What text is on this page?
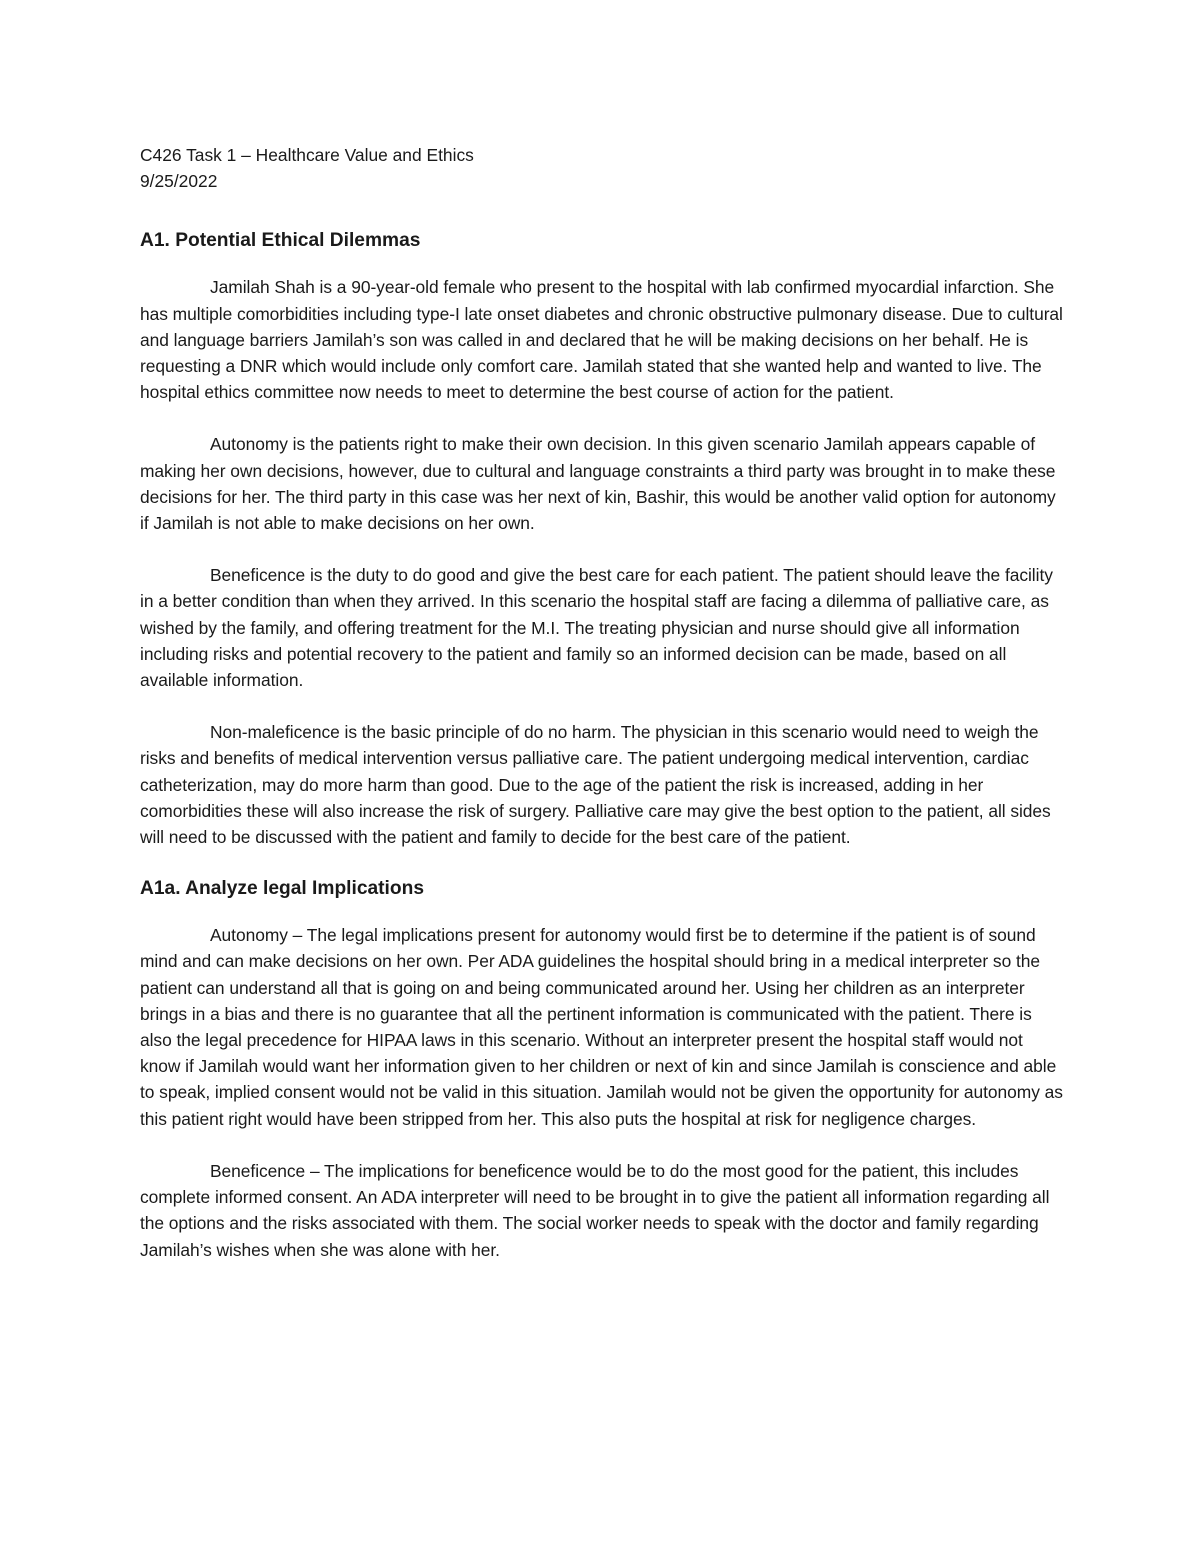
C426 Task 1 – Healthcare Value and Ethics

9/25/2022

A1. Potential Ethical Dilemmas

Jamilah Shah is a 90-year-old female who present to the hospital with lab confirmed myocardial infarction. She has multiple comorbidities including type-I late onset diabetes and chronic obstructive pulmonary disease. Due to cultural and language barriers Jamilah’s son was called in and declared that he will be making decisions on her behalf. He is requesting a DNR which would include only comfort care. Jamilah stated that she wanted help and wanted to live. The hospital ethics committee now needs to meet to determine the best course of action for the patient.

Autonomy is the patients right to make their own decision. In this given scenario Jamilah appears capable of making her own decisions, however, due to cultural and language constraints a third party was brought in to make these decisions for her. The third party in this case was her next of kin, Bashir, this would be another valid option for autonomy if Jamilah is not able to make decisions on her own.

Beneficence is the duty to do good and give the best care for each patient. The patient should leave the facility in a better condition than when they arrived. In this scenario the hospital staff are facing a dilemma of palliative care, as wished by the family, and offering treatment for the M.I. The treating physician and nurse should give all information including risks and potential recovery to the patient and family so an informed decision can be made, based on all available information.

Non-maleficence is the basic principle of do no harm. The physician in this scenario would need to weigh the risks and benefits of medical intervention versus palliative care. The patient undergoing medical intervention, cardiac catheterization, may do more harm than good. Due to the age of the patient the risk is increased, adding in her comorbidities these will also increase the risk of surgery. Palliative care may give the best option to the patient, all sides will need to be discussed with the patient and family to decide for the best care of the patient.

A1a. Analyze legal Implications

Autonomy – The legal implications present for autonomy would first be to determine if the patient is of sound mind and can make decisions on her own. Per ADA guidelines the hospital should bring in a medical interpreter so the patient can understand all that is going on and being communicated around her. Using her children as an interpreter brings in a bias and there is no guarantee that all the pertinent information is communicated with the patient. There is also the legal precedence for HIPAA laws in this scenario. Without an interpreter present the hospital staff would not know if Jamilah would want her information given to her children or next of kin and since Jamilah is conscience and able to speak, implied consent would not be valid in this situation. Jamilah would not be given the opportunity for autonomy as this patient right would have been stripped from her. This also puts the hospital at risk for negligence charges.

Beneficence – The implications for beneficence would be to do the most good for the patient, this includes complete informed consent. An ADA interpreter will need to be brought in to give the patient all information regarding all the options and the risks associated with them. The social worker needs to speak with the doctor and family regarding Jamilah’s wishes when she was alone with her.
